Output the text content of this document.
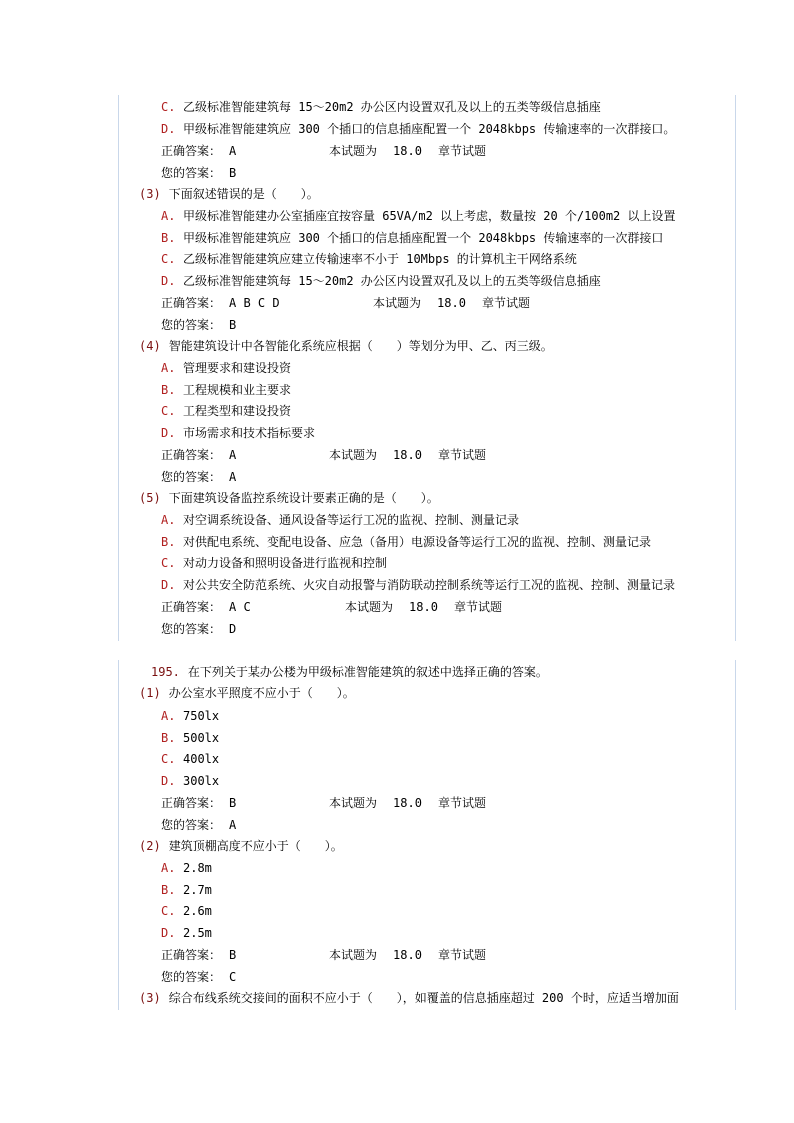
C. 乙级标准智能建筑每 15～20m2 办公区内设置双孔及以上的五类等级信息插座
D. 甲级标准智能建筑应 300 个插口的信息插座配置一个 2048kbps 传输速率的一次群接口。
正确答案： A	本试题为 18.0 章节试题
您的答案： B
(3) 下面叙述错误的是（　　）。
A. 甲级标准智能建办公室插座宜按容量 65VA/m2 以上考虑，数量按 20 个/100m2 以上设置
B. 甲级标准智能建筑应 300 个插口的信息插座配置一个 2048kbps 传输速率的一次群接口
C. 乙级标准智能建筑应建立传输速率不小于 10Mbps 的计算机主干网络系统
D. 乙级标准智能建筑每 15～20m2 办公区内设置双孔及以上的五类等级信息插座
正确答案： A B C D	本试题为 18.0 章节试题
您的答案： B
(4) 智能建筑设计中各智能化系统应根据（　　）等划分为甲、乙、丙三级。
A. 管理要求和建设投资
B. 工程规模和业主要求
C. 工程类型和建设投资
D. 市场需求和技术指标要求
正确答案： A	本试题为 18.0 章节试题
您的答案： A
(5) 下面建筑设备监控系统设计要素正确的是（　　）。
A. 对空调系统设备、通风设备等运行工况的监视、控制、测量记录
B. 对供配电系统、变配电设备、应急（备用）电源设备等运行工况的监视、控制、测量记录
C. 对动力设备和照明设备进行监视和控制
D. 对公共安全防范系统、火灾自动报警与消防联动控制系统等运行工况的监视、控制、测量记录
正确答案： A C	本试题为 18.0 章节试题
您的答案： D
195. 在下列关于某办公楼为甲级标准智能建筑的叙述中选择正确的答案。
(1) 办公室水平照度不应小于（　　）。
A. 750lx
B. 500lx
C. 400lx
D. 300lx
正确答案： B	本试题为 18.0 章节试题
您的答案： A
(2) 建筑顶棚高度不应小于（　　）。
A. 2.8m
B. 2.7m
C. 2.6m
D. 2.5m
正确答案： B	本试题为 18.0 章节试题
您的答案： C
(3) 综合布线系统交接间的面积不应小于（　　），如覆盖的信息插座超过 200 个时，应适当增加面
